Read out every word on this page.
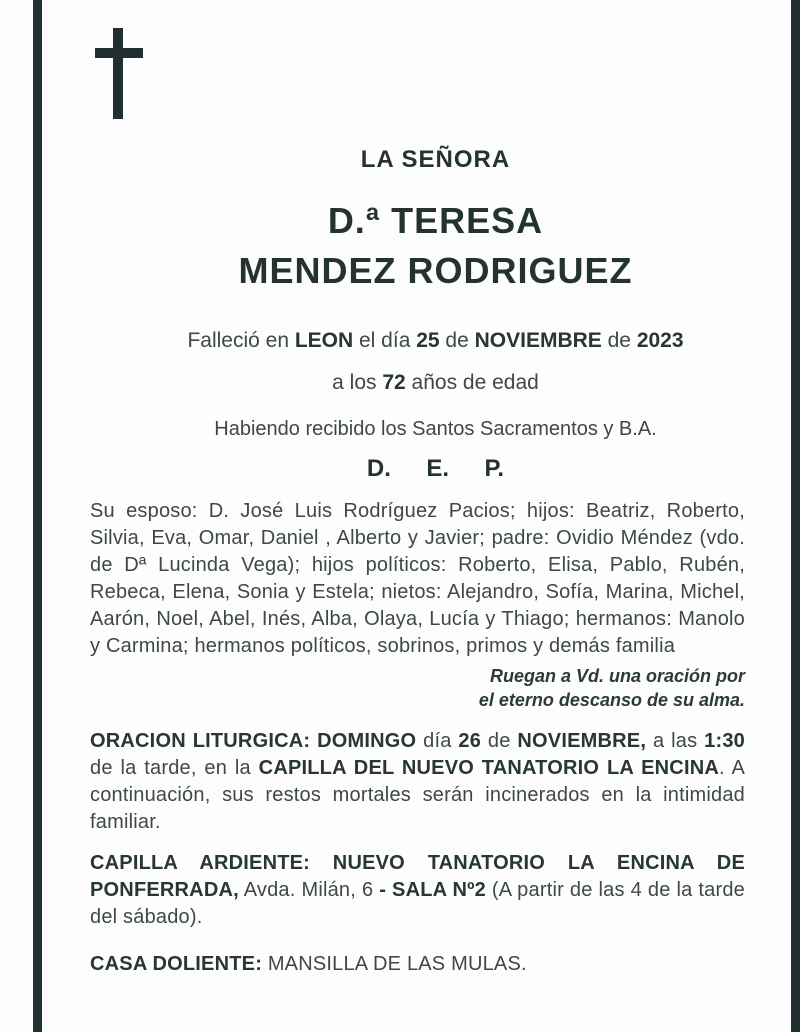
LA SEÑORA
D.ª TERESA
MENDEZ RODRIGUEZ
Falleció en LEON el día 25 de NOVIEMBRE de 2023
a los 72 años de edad
Habiendo recibido los Santos Sacramentos y B.A.
D. E. P.
Su esposo: D. José Luis Rodríguez Pacios; hijos: Beatriz, Roberto, Silvia, Eva, Omar, Daniel , Alberto y Javier; padre: Ovidio Méndez (vdo. de Dª Lucinda Vega); hijos políticos: Roberto, Elisa, Pablo, Rubén, Rebeca, Elena, Sonia y Estela; nietos: Alejandro, Sofía, Marina, Michel, Aarón, Noel, Abel, Inés, Alba, Olaya, Lucía y Thiago; hermanos: Manolo y Carmina; hermanos políticos, sobrinos, primos y demás familia
Ruegan a Vd. una oración por
el eterno descanso de su alma.
ORACION LITURGICA: DOMINGO día 26 de NOVIEMBRE, a las 1:30 de la tarde, en la CAPILLA DEL NUEVO TANATORIO LA ENCINA. A continuación, sus restos mortales serán incinerados en la intimidad familiar.
CAPILLA ARDIENTE: NUEVO TANATORIO LA ENCINA DE PONFERRADA, Avda. Milán, 6 - SALA Nº2 (A partir de las 4 de la tarde del sábado).
CASA DOLIENTE: MANSILLA DE LAS MULAS.
